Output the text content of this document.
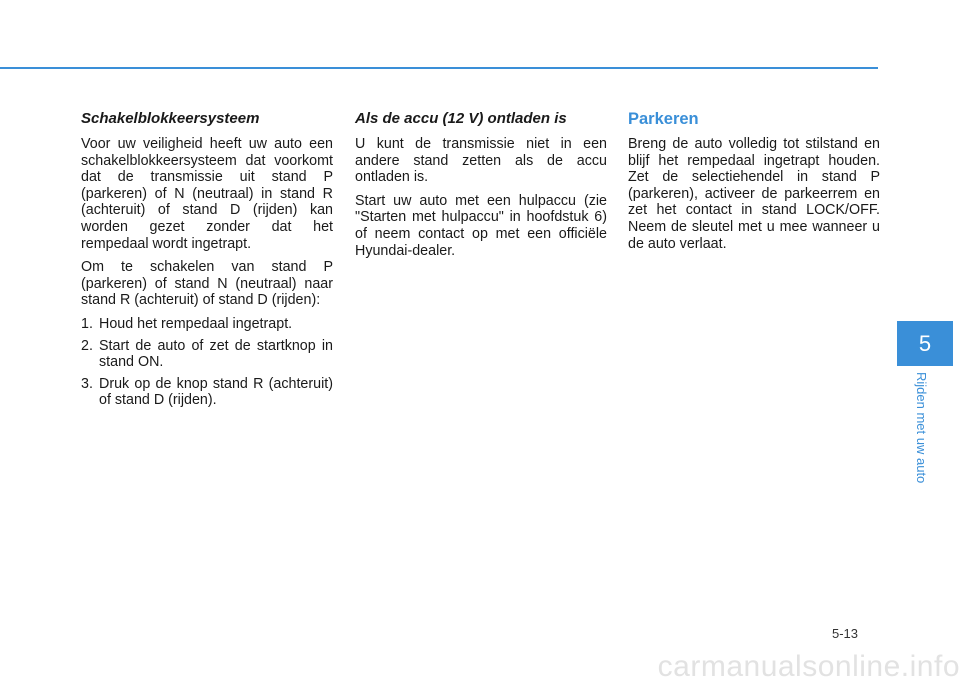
Schakelblokkeersysteem

Voor uw veiligheid heeft uw auto een schakelblokkeersysteem dat voorkomt dat de transmissie uit stand P (parkeren) of N (neutraal) in stand R (achteruit) of stand D (rijden) kan worden gezet zonder dat het rempedaal wordt ingetrapt.

Om te schakelen van stand P (parkeren) of stand N (neutraal) naar stand R (achteruit) of stand D (rijden):

1. Houd het rempedaal ingetrapt.
2. Start de auto of zet de startknop in stand ON.
3. Druk op de knop stand R (achteruit) of stand D (rijden).
Als de accu (12 V) ontladen is

U kunt de transmissie niet in een andere stand zetten als de accu ontladen is.

Start uw auto met een hulpaccu (zie "Starten met hulpaccu" in hoofdstuk 6) of neem contact op met een officiële Hyundai-dealer.

Parkeren

Breng de auto volledig tot stilstand en blijf het rempedaal ingetrapt houden. Zet de selectiehendel in stand P (parkeren), activeer de parkeerrem en zet het contact in stand LOCK/OFF. Neem de sleutel met u mee wanneer u de auto verlaat.

5
Rijden met uw auto
5-13
carmanualsonline.info
